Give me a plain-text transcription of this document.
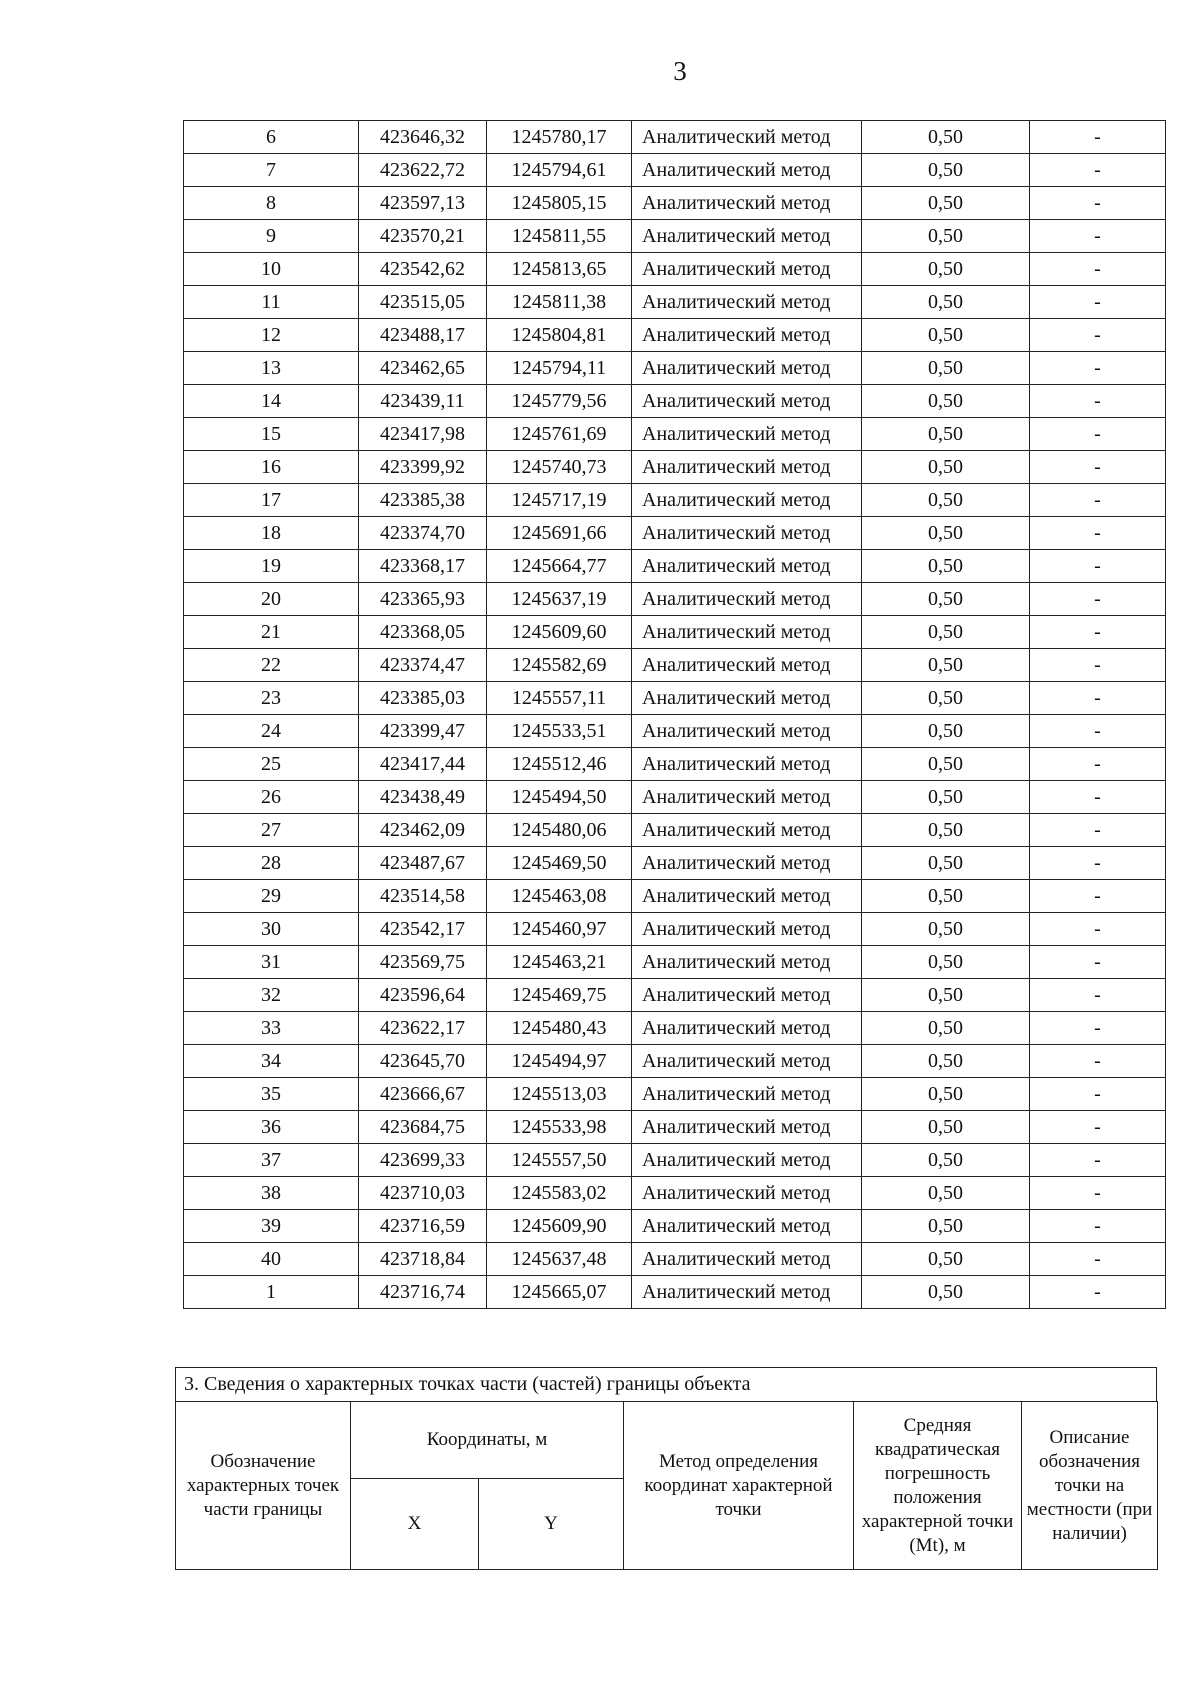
3
6	423646,32	1245780,17	Аналитический метод	0,50	-
7	423622,72	1245794,61	Аналитический метод	0,50	-
8	423597,13	1245805,15	Аналитический метод	0,50	-
9	423570,21	1245811,55	Аналитический метод	0,50	-
10	423542,62	1245813,65	Аналитический метод	0,50	-
11	423515,05	1245811,38	Аналитический метод	0,50	-
12	423488,17	1245804,81	Аналитический метод	0,50	-
13	423462,65	1245794,11	Аналитический метод	0,50	-
14	423439,11	1245779,56	Аналитический метод	0,50	-
15	423417,98	1245761,69	Аналитический метод	0,50	-
16	423399,92	1245740,73	Аналитический метод	0,50	-
17	423385,38	1245717,19	Аналитический метод	0,50	-
18	423374,70	1245691,66	Аналитический метод	0,50	-
19	423368,17	1245664,77	Аналитический метод	0,50	-
20	423365,93	1245637,19	Аналитический метод	0,50	-
21	423368,05	1245609,60	Аналитический метод	0,50	-
22	423374,47	1245582,69	Аналитический метод	0,50	-
23	423385,03	1245557,11	Аналитический метод	0,50	-
24	423399,47	1245533,51	Аналитический метод	0,50	-
25	423417,44	1245512,46	Аналитический метод	0,50	-
26	423438,49	1245494,50	Аналитический метод	0,50	-
27	423462,09	1245480,06	Аналитический метод	0,50	-
28	423487,67	1245469,50	Аналитический метод	0,50	-
29	423514,58	1245463,08	Аналитический метод	0,50	-
30	423542,17	1245460,97	Аналитический метод	0,50	-
31	423569,75	1245463,21	Аналитический метод	0,50	-
32	423596,64	1245469,75	Аналитический метод	0,50	-
33	423622,17	1245480,43	Аналитический метод	0,50	-
34	423645,70	1245494,97	Аналитический метод	0,50	-
35	423666,67	1245513,03	Аналитический метод	0,50	-
36	423684,75	1245533,98	Аналитический метод	0,50	-
37	423699,33	1245557,50	Аналитический метод	0,50	-
38	423710,03	1245583,02	Аналитический метод	0,50	-
39	423716,59	1245609,90	Аналитический метод	0,50	-
40	423718,84	1245637,48	Аналитический метод	0,50	-
1	423716,74	1245665,07	Аналитический метод	0,50	-
3. Сведения о характерных точках части (частей) границы объекта
Обозначение характерных точек части границы	Координаты, м		Метод определения координат характерной точки	Средняя квадратическая погрешность положения характерной точки (Mt), м	Описание обозначения точки на местности (при наличии)
	X	Y			
